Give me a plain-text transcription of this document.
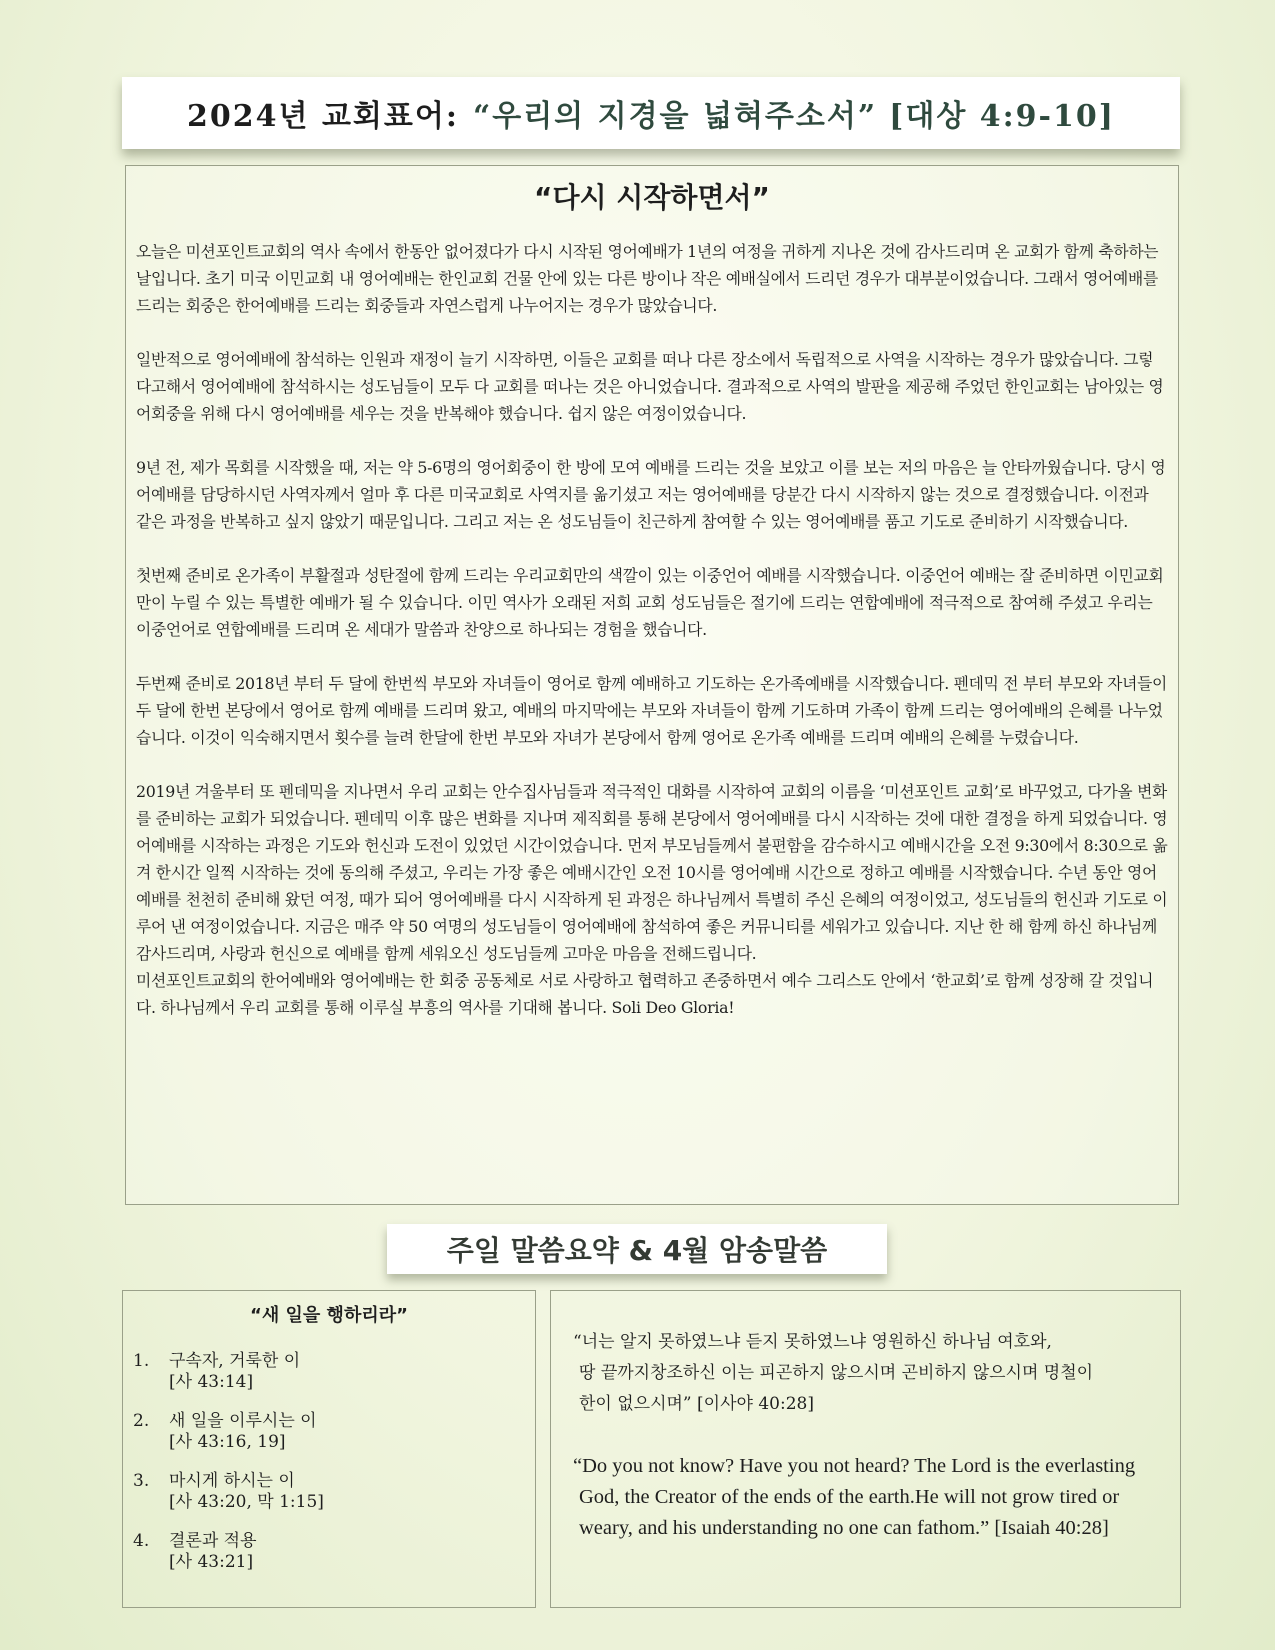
2024년 교회표어: “우리의 지경을 넓혀주소서” [대상 4:9-10]
“다시 시작하면서”

오늘은 미션포인트교회의 역사 속에서 한동안 없어졌다가 다시 시작된 영어예배가 1년의 여정을 귀하게 지나온 것에 감사드리며 온 교회가 함께 축하하는 날입니다. 초기 미국 이민교회 내 영어예배는 한인교회 건물 안에 있는 다른 방이나 작은 예배실에서 드리던 경우가 대부분이었습니다. 그래서 영어예배를 드리는 회중은 한어예배를 드리는 회중들과 자연스럽게 나누어지는 경우가 많았습니다.

일반적으로 영어예배에 참석하는 인원과 재정이 늘기 시작하면, 이들은 교회를 떠나 다른 장소에서 독립적으로 사역을 시작하는 경우가 많았습니다. 그렇다고해서 영어예배에 참석하시는 성도님들이 모두 다 교회를 떠나는 것은 아니었습니다. 결과적으로 사역의 발판을 제공해 주었던 한인교회는 남아있는 영어회중을 위해 다시 영어예배를 세우는 것을 반복해야 했습니다. 쉽지 않은 여정이었습니다.

9년 전, 제가 목회를 시작했을 때, 저는 약 5-6명의 영어회중이 한 방에 모여 예배를 드리는 것을 보았고 이를 보는 저의 마음은 늘 안타까웠습니다. 당시 영어예배를 담당하시던 사역자께서 얼마 후 다른 미국교회로 사역지를 옮기셨고 저는 영어예배를 당분간 다시 시작하지 않는 것으로 결정했습니다. 이전과 같은 과정을 반복하고 싶지 않았기 때문입니다. 그리고 저는 온 성도님들이 친근하게 참여할 수 있는 영어예배를 품고 기도로 준비하기 시작했습니다.

첫번째 준비로 온가족이 부활절과 성탄절에 함께 드리는 우리교회만의 색깔이 있는 이중언어 예배를 시작했습니다. 이중언어 예배는 잘 준비하면 이민교회만이 누릴 수 있는 특별한 예배가 될 수 있습니다. 이민 역사가 오래된 저희 교회 성도님들은 절기에 드리는 연합예배에 적극적으로 참여해 주셨고 우리는 이중언어로 연합예배를 드리며 온 세대가 말씀과 찬양으로 하나되는 경험을 했습니다.

두번째 준비로 2018년 부터 두 달에 한번씩 부모와 자녀들이 영어로 함께 예배하고 기도하는 온가족예배를 시작했습니다. 펜데믹 전 부터 부모와 자녀들이 두 달에 한번 본당에서 영어로 함께 예배를 드리며 왔고, 예배의 마지막에는 부모와 자녀들이 함께 기도하며 가족이 함께 드리는 영어예배의 은혜를 나누었습니다. 이것이 익숙해지면서 횟수를 늘려 한달에 한번 부모와 자녀가 본당에서 함께 영어로 온가족 예배를 드리며 예배의 은혜를 누렸습니다.

2019년 겨울부터 또 펜데믹을 지나면서 우리 교회는 안수집사님들과 적극적인 대화를 시작하여 교회의 이름을 ‘미션포인트 교회’로 바꾸었고, 다가올 변화를 준비하는 교회가 되었습니다. 펜데믹 이후 많은 변화를 지나며 제직회를 통해 본당에서 영어예배를 다시 시작하는 것에 대한 결정을 하게 되었습니다. 영어예배를 시작하는 과정은 기도와 헌신과 도전이 있었던 시간이었습니다. 먼저 부모님들께서 불편함을 감수하시고 예배시간을 오전 9:30에서 8:30으로 옮겨 한시간 일찍 시작하는 것에 동의해 주셨고, 우리는 가장 좋은 예배시간인 오전 10시를 영어예배 시간으로 정하고 예배를 시작했습니다. 수년 동안 영어예배를 천천히 준비해 왔던 여정, 때가 되어 영어예배를 다시 시작하게 된 과정은 하나님께서 특별히 주신 은혜의 여정이었고, 성도님들의 헌신과 기도로 이루어 낸 여정이었습니다. 지금은 매주 약 50 여명의 성도님들이 영어예배에 참석하여 좋은 커뮤니티를 세워가고 있습니다. 지난 한 해 함께 하신 하나님께 감사드리며, 사랑과 헌신으로 예배를 함께 세워오신 성도님들께 고마운 마음을 전해드립니다.

미션포인트교회의 한어예배와 영어예배는 한 회중 공동체로 서로 사랑하고 협력하고 존중하면서 예수 그리스도 안에서 ‘한교회’로 함께 성장해 갈 것입니다. 하나님께서 우리 교회를 통해 이루실 부흥의 역사를 기대해 봅니다. Soli Deo Gloria!

주일 말씀요약 & 4월 암송말씀
“새 일을 행하리라”
1.	구속자, 거룩한 이
[사 43:14]
2.	새 일을 이루시는 이
[사 43:16, 19]
3.	마시게 하시는 이
[사 43:20, 막 1:15]
4.	결론과 적용
[사 43:21]
“너는 알지 못하였느냐 듣지 못하였느냐 영원하신 하나님 여호와,
땅 끝까지창조하신 이는 피곤하지 않으시며 곤비하지 않으시며 명철이
한이 없으시며” [이사야 40:28]
“Do you not know? Have you not heard? The Lord is the everlasting
God, the Creator of the ends of the earth.He will not grow tired or
weary, and his understanding no one can fathom.” [Isaiah 40:28]
